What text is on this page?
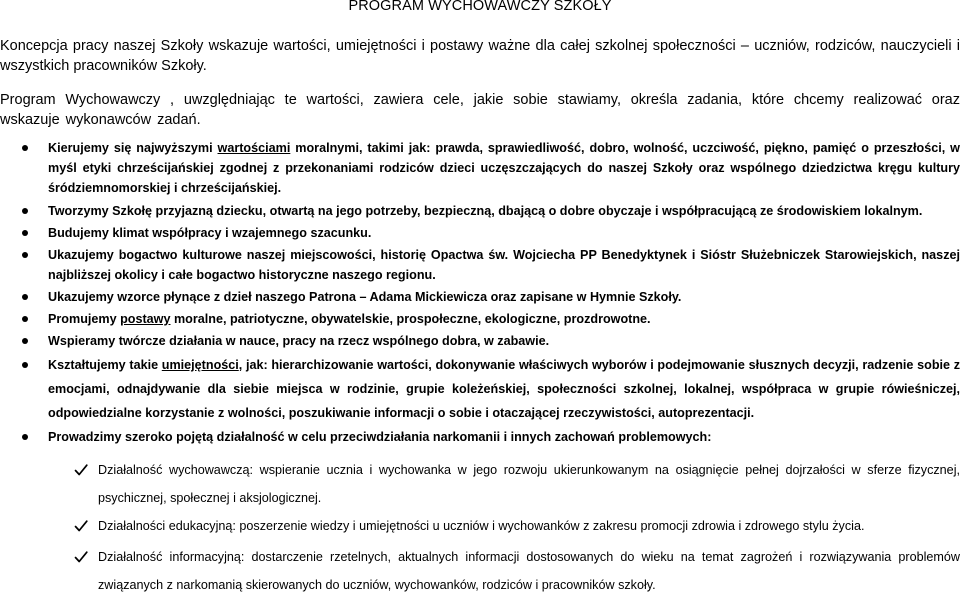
PROGRAM WYCHOWAWCZY SZKOŁY
Koncepcja pracy naszej Szkoły wskazuje wartości, umiejętności i postawy ważne dla całej szkolnej społeczności – uczniów, rodziców, nauczycieli i wszystkich pracowników Szkoły.
Program Wychowawczy , uwzględniając te wartości, zawiera cele, jakie sobie stawiamy, określa zadania, które chcemy realizować oraz wskazuje wykonawców zadań.
Kierujemy się najwyższymi wartościami moralnymi, takimi jak: prawda, sprawiedliwość, dobro, wolność, uczciwość, piękno, pamięć o przeszłości, w myśl etyki chrześcijańskiej zgodnej z przekonaniami rodziców dzieci uczęszczających do naszej Szkoły oraz wspólnego dziedzictwa kręgu kultury śródziemnomorskiej i chrześcijańskiej.
Tworzymy Szkołę przyjazną dziecku, otwartą na jego potrzeby, bezpieczną, dbającą o dobre obyczaje i współpracującą ze środowiskiem lokalnym.
Budujemy klimat współpracy i wzajemnego szacunku.
Ukazujemy bogactwo kulturowe naszej miejscowości, historię Opactwa św. Wojciecha PP Benedyktynek i Sióstr Służebniczek Starowiejskich, naszej najbliższej okolicy i całe bogactwo historyczne naszego regionu.
Ukazujemy wzorce płynące z dzieł naszego Patrona – Adama Mickiewicza oraz zapisane w Hymnie Szkoły.
Promujemy postawy moralne, patriotyczne, obywatelskie, prospołeczne, ekologiczne, prozdrowotne.
Wspieramy twórcze działania w nauce, pracy na rzecz wspólnego dobra, w zabawie.
Kształtujemy takie umiejętności, jak: hierarchizowanie wartości, dokonywanie właściwych wyborów i podejmowanie słusznych decyzji, radzenie sobie z emocjami, odnajdywanie dla siebie miejsca w rodzinie, grupie koleżeńskiej, społeczności szkolnej, lokalnej, współpraca w grupie rówieśniczej, odpowiedzialne korzystanie z wolności, poszukiwanie informacji o sobie i otaczającej rzeczywistości, autoprezentacji.
Prowadzimy szeroko pojętą działalność w celu przeciwdziałania narkomanii i innych zachowań problemowych:
Działalność wychowawczą: wspieranie ucznia i wychowanka w jego rozwoju ukierunkowanym na osiągnięcie pełnej dojrzałości w sferze fizycznej, psychicznej, społecznej i aksjologicznej.
Działalności edukacyjną: poszerzenie wiedzy i umiejętności u uczniów i wychowanków z zakresu promocji zdrowia i zdrowego stylu życia.
Działalność informacyjną: dostarczenie rzetelnych, aktualnych informacji dostosowanych do wieku na temat zagrożeń i rozwiązywania problemów związanych z narkomanią skierowanych do uczniów, wychowanków, rodziców i pracowników szkoły.
